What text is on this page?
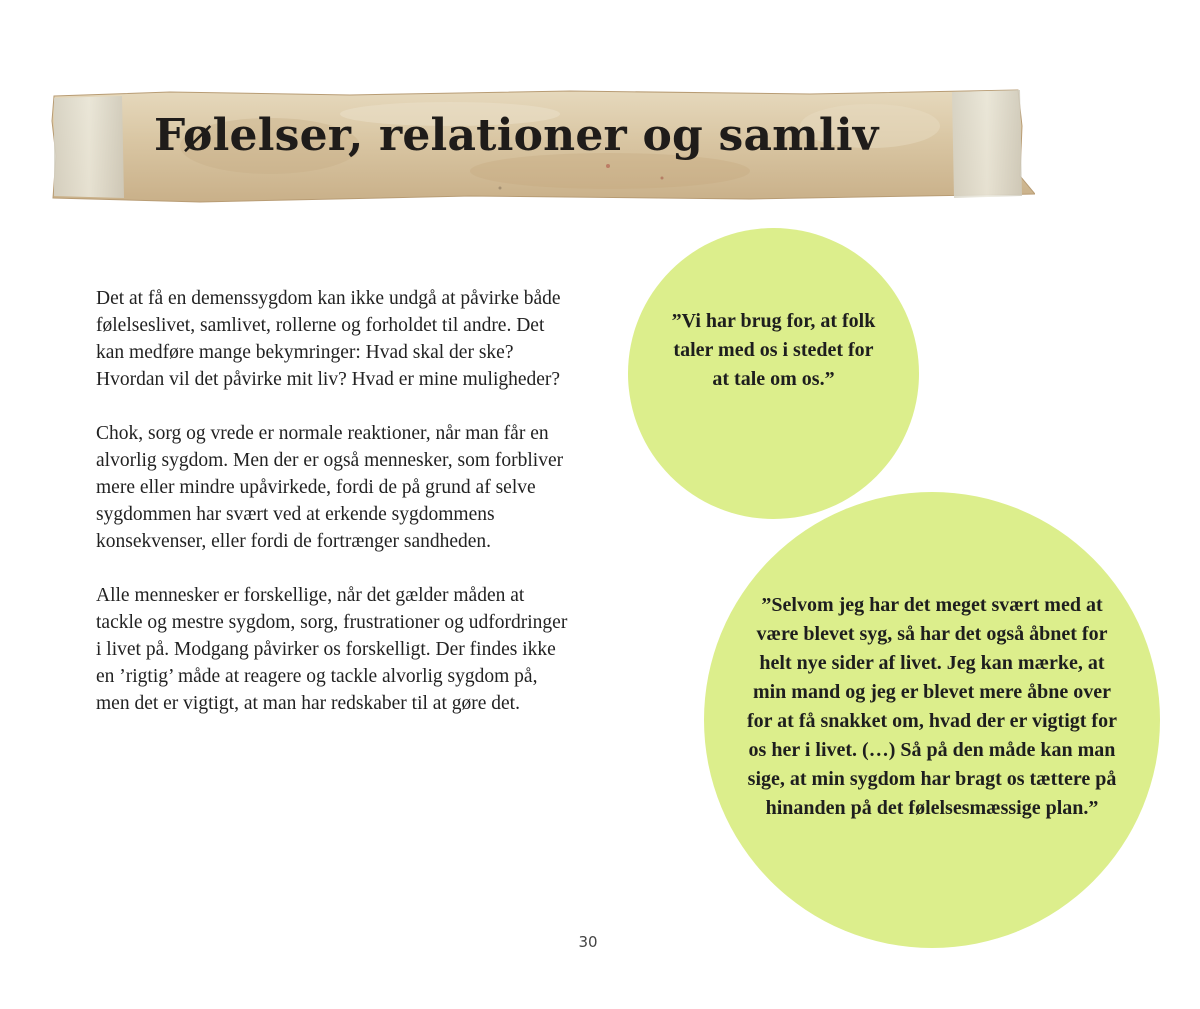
Følelser, relationer og samliv

Det at få en demenssygdom kan ikke undgå at påvirke både følelseslivet, samlivet, rollerne og forholdet til andre. Det kan medføre mange bekymringer: Hvad skal der ske? Hvordan vil det påvirke mit liv? Hvad er mine muligheder?

Chok, sorg og vrede er normale reaktioner, når man får en alvorlig sygdom. Men der er også mennesker, som forbliver mere eller mindre upåvirkede, fordi de på grund af selve sygdommen har svært ved at erkende sygdommens konsekvenser, eller fordi de fortrænger sandheden.

Alle mennesker er forskellige, når det gælder måden at tackle og mestre sygdom, sorg, frustrationer og udfordringer i livet på. Modgang påvirker os forskelligt. Der findes ikke en ’rigtig’ måde at reagere og tackle alvorlig sygdom på, men det er vigtigt, at man har redskaber til at gøre det.

”Vi har brug for, at folk taler med os i stedet for at tale om os.”

”Selvom jeg har det meget svært med at være blevet syg, så har det også åbnet for helt nye sider af livet. Jeg kan mærke, at min mand og jeg er blevet mere åbne over for at få snakket om, hvad der er vigtigt for os her i livet. (…) Så på den måde kan man sige, at min sygdom har bragt os tættere på hinanden på det følelsesmæssige plan.”

30
